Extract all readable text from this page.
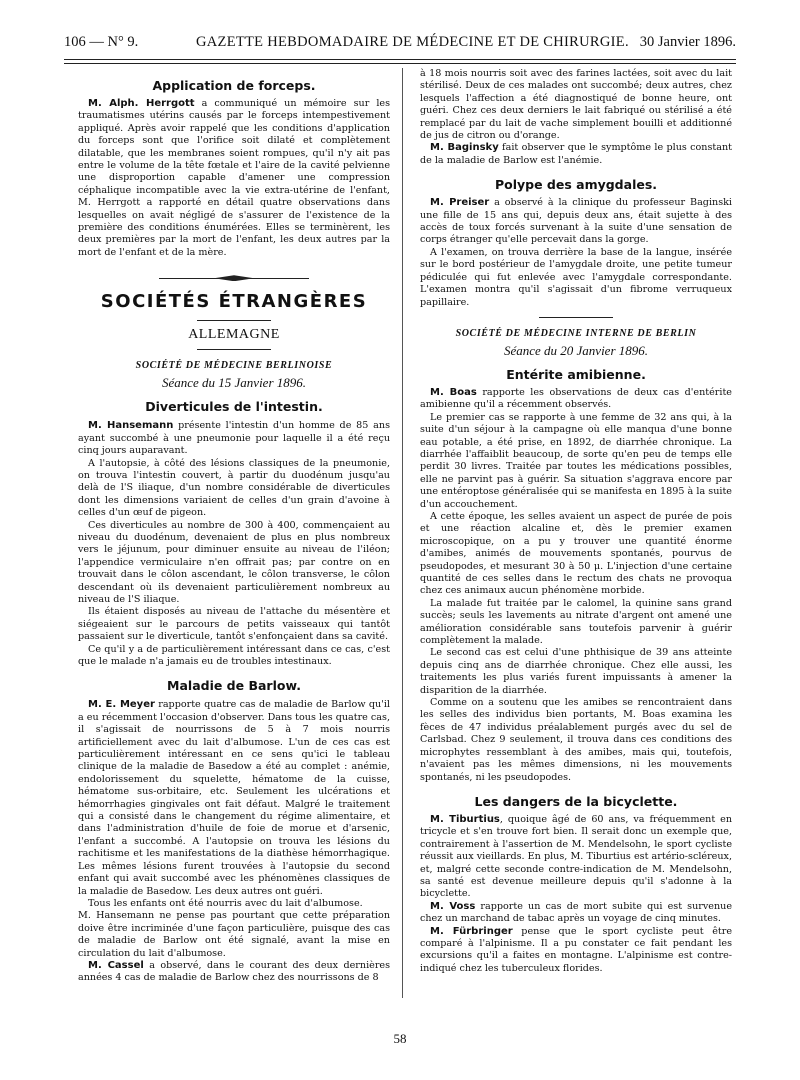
106 — N° 9.	GAZETTE HEBDOMADAIRE DE MÉDECINE ET DE CHIRURGIE. 30 Janvier 1896.
Application de forceps.

M. Alph. Herrgott a communiqué un mémoire sur les traumatismes utérins causés par le forceps intempestivement appliqué. Après avoir rappelé que les conditions d'application du forceps sont que l'orifice soit dilaté et complètement dilatable, que les membranes soient rompues, qu'il n'y ait pas entre le volume de la tête fœtale et l'aire de la cavité pelvienne une disproportion capable d'amener une compression céphalique incompatible avec la vie extra-utérine de l'enfant, M. Herrgott a rapporté en détail quatre observations dans lesquelles on avait négligé de s'assurer de l'existence de la première des conditions énumérées. Elles se terminèrent, les deux premières par la mort de l'enfant, les deux autres par la mort de l'enfant et de la mère.

SOCIÉTÉS ÉTRANGÈRES
ALLEMAGNE
SOCIÉTÉ DE MÉDECINE BERLINOISE
Séance du 15 Janvier 1896.
Diverticules de l'intestin.

M. Hansemann présente l'intestin d'un homme de 85 ans ayant succombé à une pneumonie pour laquelle il a été reçu cinq jours auparavant.

A l'autopsie, à côté des lésions classiques de la pneumonie, on trouva l'intestin couvert, à partir du duodénum jusqu'au delà de l'S iliaque, d'un nombre considérable de diverticules dont les dimensions variaient de celles d'un grain d'avoine à celles d'un œuf de pigeon.

Ces diverticules au nombre de 300 à 400, commençaient au niveau du duodénum, devenaient de plus en plus nombreux vers le jéjunum, pour diminuer ensuite au niveau de l'iléon; l'appendice vermiculaire n'en offrait pas; par contre on en trouvait dans le côlon ascendant, le côlon transverse, le côlon descendant où ils devenaient particulièrement nombreux au niveau de l'S iliaque.

Ils étaient disposés au niveau de l'attache du mésentère et siégeaient sur le parcours de petits vaisseaux qui tantôt passaient sur le diverticule, tantôt s'enfonçaient dans sa cavité.

Ce qu'il y a de particulièrement intéressant dans ce cas, c'est que le malade n'a jamais eu de troubles intestinaux.

Maladie de Barlow.

M. E. Meyer rapporte quatre cas de maladie de Barlow qu'il a eu récemment l'occasion d'observer. Dans tous les quatre cas, il s'agissait de nourrissons de 5 à 7 mois nourris artificiellement avec du lait d'albumose. L'un de ces cas est particulièrement intéressant en ce sens qu'ici le tableau clinique de la maladie de Basedow a été au complet : anémie, endolorissement du squelette, hématome de la cuisse, hématome sus-orbitaire, etc. Seulement les ulcérations et hémorrhagies gingivales ont fait défaut. Malgré le traitement qui a consisté dans le changement du régime alimentaire, et dans l'administration d'huile de foie de morue et d'arsenic, l'enfant a succombé. A l'autopsie on trouva les lésions du rachitisme et les manifestations de la diathèse hémorrhagique. Les mêmes lésions furent trouvées à l'autopsie du second enfant qui avait succombé avec les phénomènes classiques de la maladie de Basedow. Les deux autres ont guéri.

Tous les enfants ont été nourris avec du lait d'albumose.

M. Hansemann ne pense pas pourtant que cette préparation doive être incriminée d'une façon particulière, puisque des cas de maladie de Barlow ont été signalé, avant la mise en circulation du lait d'albumose.

M. Cassel a observé, dans le courant des deux dernières années 4 cas de maladie de Barlow chez des nourrissons de 8

à 18 mois nourris soit avec des farines lactées, soit avec du lait stérilisé. Deux de ces malades ont succombé; deux autres, chez lesquels l'affection a été diagnostiqué de bonne heure, ont guéri. Chez ces deux derniers le lait fabriqué ou stérilisé a été remplacé par du lait de vache simplement bouilli et additionné de jus de citron ou d'orange.

M. Baginsky fait observer que le symptôme le plus constant de la maladie de Barlow est l'anémie.

Polype des amygdales.

M. Preiser a observé à la clinique du professeur Baginski une fille de 15 ans qui, depuis deux ans, était sujette à des accès de toux forcés survenant à la suite d'une sensation de corps étranger qu'elle percevait dans la gorge.

A l'examen, on trouva derrière la base de la langue, insérée sur le bord postérieur de l'amygdale droite, une petite tumeur pédiculée qui fut enlevée avec l'amygdale correspondante. L'examen montra qu'il s'agissait d'un fibrome verruqueux papillaire.

SOCIÉTÉ DE MÉDECINE INTERNE DE BERLIN
Séance du 20 Janvier 1896.
Entérite amibienne.

M. Boas rapporte les observations de deux cas d'entérite amibienne qu'il a récemment observés.

Le premier cas se rapporte à une femme de 32 ans qui, à la suite d'un séjour à la campagne où elle manqua d'une bonne eau potable, a été prise, en 1892, de diarrhée chronique. La diarrhée l'affaiblit beaucoup, de sorte qu'en peu de temps elle perdit 30 livres. Traitée par toutes les médications possibles, elle ne parvint pas à guérir. Sa situation s'aggrava encore par une entéroptose généralisée qui se manifesta en 1895 à la suite d'un accouchement.

A cette époque, les selles avaient un aspect de purée de pois et une réaction alcaline et, dès le premier examen microscopique, on a pu y trouver une quantité énorme d'amibes, animés de mouvements spontanés, pourvus de pseudopodes, et mesurant 30 à 50 μ. L'injection d'une certaine quantité de ces selles dans le rectum des chats ne provoqua chez ces animaux aucun phénomène morbide.

La malade fut traitée par le calomel, la quinine sans grand succès; seuls les lavements au nitrate d'argent ont amené une amélioration considérable sans toutefois parvenir à guérir complètement la malade.

Le second cas est celui d'une phthisique de 39 ans atteinte depuis cinq ans de diarrhée chronique. Chez elle aussi, les traitements les plus variés furent impuissants à amener la disparition de la diarrhée.

Comme on a soutenu que les amibes se rencontraient dans les selles des individus bien portants, M. Boas examina les fèces de 47 individus préalablement purgés avec du sel de Carlsbad. Chez 9 seulement, il trouva dans ces conditions des microphytes ressemblant à des amibes, mais qui, toutefois, n'avaient pas les mêmes dimensions, ni les mouvements spontanés, ni les pseudopodes.

Les dangers de la bicyclette.

M. Tiburtius, quoique âgé de 60 ans, va fréquemment en tricycle et s'en trouve fort bien. Il serait donc un exemple que, contrairement à l'assertion de M. Mendelsohn, le sport cycliste réussit aux vieillards. En plus, M. Tiburtius est artério-scléreux, et, malgré cette seconde contre-indication de M. Mendelsohn, sa santé est devenue meilleure depuis qu'il s'adonne à la bicyclette.

M. Voss rapporte un cas de mort subite qui est survenue chez un marchand de tabac après un voyage de cinq minutes.

M. Fürbringer pense que le sport cycliste peut être comparé à l'alpinisme. Il a pu constater ce fait pendant les excursions qu'il a faites en montagne. L'alpinisme est contre-indiqué chez les tuberculeux florides.

58
